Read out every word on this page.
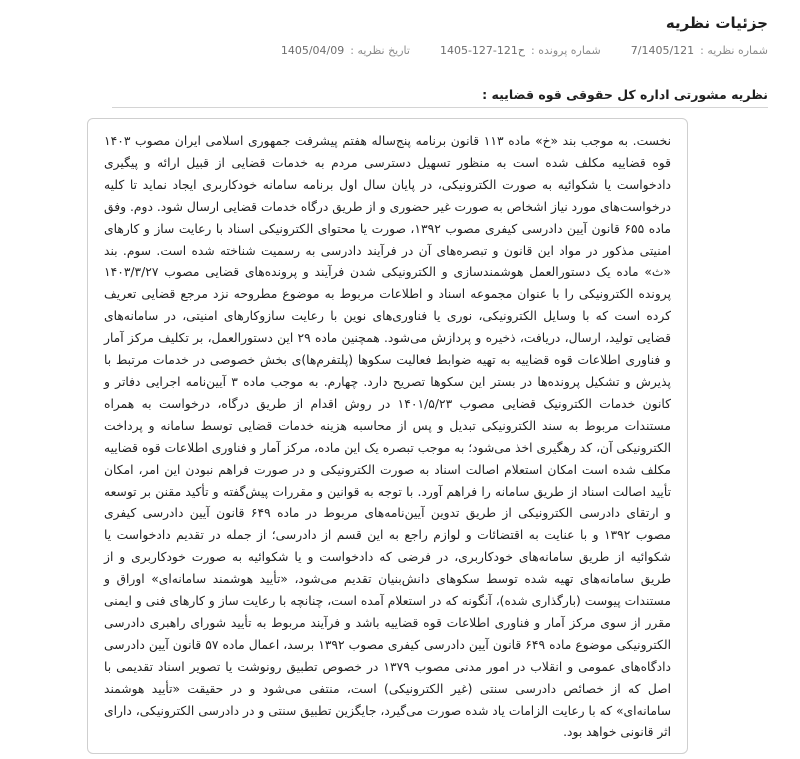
جزئیات نظریه
شماره نظریه :
7/1405/121
شماره پرونده :
1405-127-121ح
تاریخ نظریه :
1405/04/09
نظریه مشورتی اداره کل حقوقی قوه قضاییه :

نخست. به موجب بند «خ» ماده ۱۱۳ قانون برنامه پنج‌ساله هفتم پیشرفت جمهوری اسلامی ایران مصوب ۱۴۰۳ قوه قضاییه مکلف شده است به منظور تسهیل دسترسی مردم به خدمات قضایی از قبیل ارائه و پیگیری دادخواست یا شکوائیه به صورت الکترونیکی، در پایان سال اول برنامه سامانه خودکاربری ایجاد نماید تا کلیه درخواست‌های مورد نیاز اشخاص به صورت غیر حضوری و از طریق درگاه خدمات قضایی ارسال شود. دوم. وفق ماده ۶۵۵ قانون آیین دادرسی کیفری مصوب ۱۳۹۲، صورت یا محتوای الکترونیکی اسناد با رعایت ساز و کارهای امنیتی مذکور در مواد این قانون و تبصره‌های آن در فرآیند دادرسی به رسمیت شناخته شده است. سوم. بند «ث» ماده یک دستورالعمل هوشمندسازی و الکترونیکی شدن فرآیند و پرونده‌های قضایی مصوب ۱۴۰۳/۳/۲۷ پرونده الکترونیکی را با عنوان مجموعه اسناد و اطلاعات مربوط به موضوع مطروحه نزد مرجع قضایی تعریف کرده است که با وسایل الکترونیکی، نوری یا فناوری‌های نوین با رعایت سازوکارهای امنیتی، در سامانه‌های قضایی تولید، ارسال، دریافت، ذخیره و پردازش می‌شود. همچنین ماده ۲۹ این دستورالعمل، بر تکلیف مرکز آمار و فناوری اطلاعات قوه قضاییه به تهیه ضوابط فعالیت سکوها (پلتفرم‌ها)ی بخش خصوصی در خدمات مرتبط با پذیرش و تشکیل پرونده‌ها در بستر این سکوها تصریح دارد. چهارم. به موجب ماده ۳ آیین‌نامه اجرایی دفاتر و کانون خدمات الکترونیک قضایی مصوب ۱۴۰۱/۵/۲۳ در روش اقدام از طریق درگاه، درخواست به همراه مستندات مربوط به سند الکترونیکی تبدیل و پس از محاسبه هزینه خدمات قضایی توسط سامانه و پرداخت الکترونیکی آن، کد رهگیری اخذ می‌شود؛ به موجب تبصره یک این ماده، مرکز آمار و فناوری اطلاعات قوه قضاییه مکلف شده است امکان استعلام اصالت اسناد به صورت الکترونیکی و در صورت فراهم نبودن این امر، امکان تأیید اصالت اسناد از طریق سامانه را فراهم آورد. با توجه به قوانین و مقررات پیش‌گفته و تأکید مقنن بر توسعه و ارتقای دادرسی الکترونیکی از طریق تدوین آیین‌نامه‌های مربوط در ماده ۶۴۹ قانون آیین دادرسی کیفری مصوب ۱۳۹۲ و با عنایت به اقتضائات و لوازم راجع به این قسم از دادرسی؛ از جمله در تقدیم دادخواست یا شکوائیه از طریق سامانه‌های خودکاربری، در فرضی که دادخواست و یا شکوائیه به صورت خودکاربری و از طریق سامانه‌های تهیه شده توسط سکوهای دانش‌بنیان تقدیم می‌شود، «تأیید هوشمند سامانه‌ای» اوراق و مستندات پیوست (بارگذاری شده)، آنگونه که در استعلام آمده است، چنانچه با رعایت ساز و کارهای فنی و ایمنی مقرر از سوی مرکز آمار و فناوری اطلاعات قوه قضاییه باشد و فرآیند مربوط به تأیید شورای راهبری دادرسی الکترونیکی موضوع ماده ۶۴۹ قانون آیین دادرسی کیفری مصوب ۱۳۹۲ برسد، اعمال ماده ۵۷ قانون آیین دادرسی دادگاه‌های عمومی و انقلاب در امور مدنی مصوب ۱۳۷۹ در خصوص تطبیق رونوشت یا تصویر اسناد تقدیمی با اصل که از خصائص دادرسی سنتی (غیر الکترونیکی) است، منتفی می‌شود و در حقیقت «تأیید هوشمند سامانه‌ای» که با رعایت الزامات یاد شده صورت می‌گیرد، جایگزین تطبیق سنتی و در دادرسی الکترونیکی، دارای اثر قانونی خواهد بود.
